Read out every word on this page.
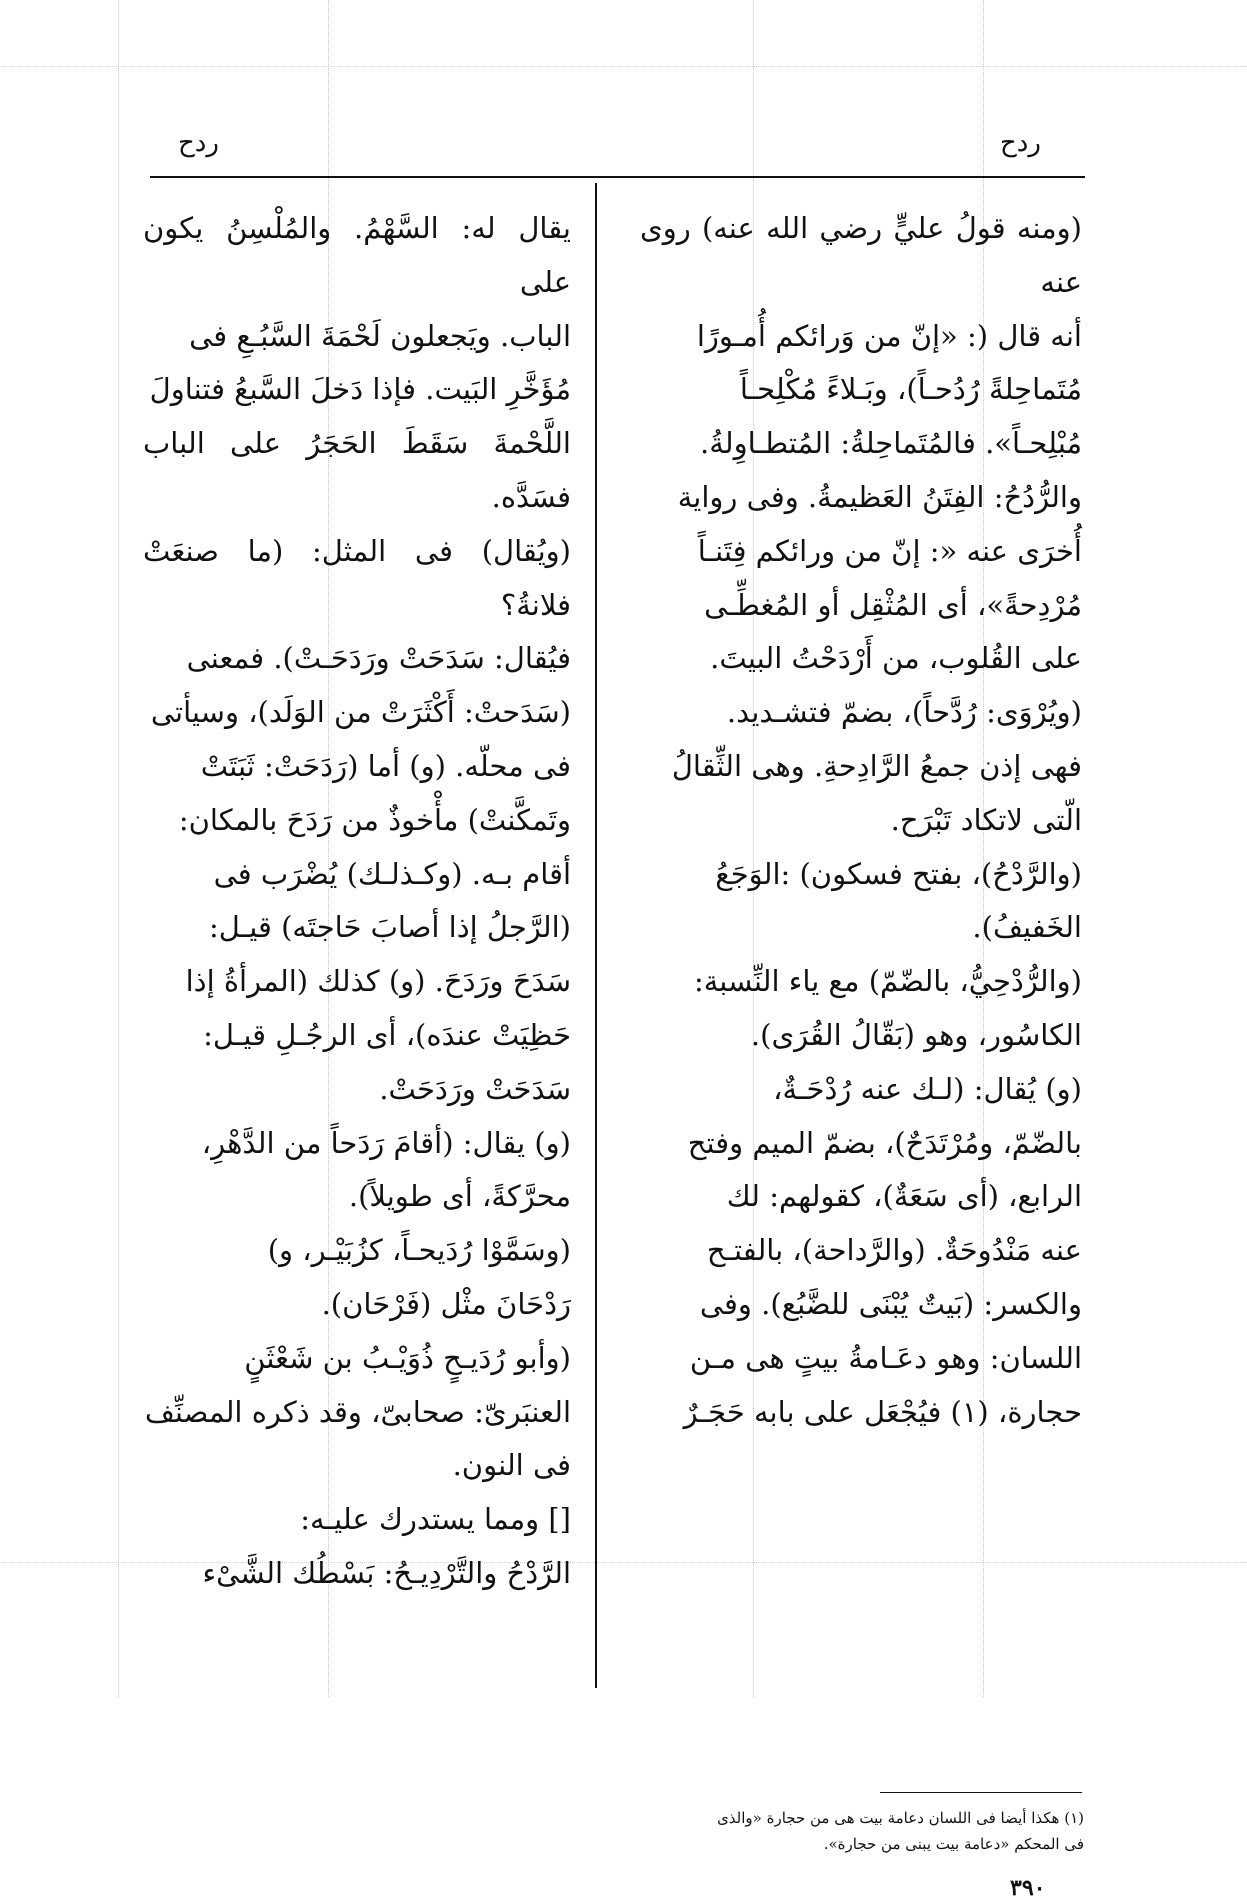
ردح
ردح

(ومنه قولُ عليٍّ رضي الله عنه) روى عنه

أنه قال (: «إنّ من وَرائكم أُمـورًا

مُتَماحِلةً رُدُحـاً)، وبَـلاءً مُكْلِحـاً

مُبْلِحـاً». فالمُتَماحِلةُ: المُتطـاوِلةُ.

والرُّدُحُ: الفِتَنُ العَظيمةُ. وفى رواية

أُخرَى عنه «: إنّ من ورائكم فِتَنـاً

مُرْدِحةً»، أى المُثْقِل أو المُغطِّـى

على القُلوب، من أَرْدَحْتُ البيتَ.

(ويُرْوَى: رُدَّحاً)، بضمّ فتشـديد.

فهى إذن جمعُ الرَّادِحةِ. وهى الثِّقالُ

الّتى لاتكاد تَبْرَح.

(والرَّدْحُ)، بفتح فسكون) :الوَجَعُ

الخَفيفُ).

(والرُّدْحِيُّ، بالضّمّ) مع ياء النِّسبة:

الكاسُور، وهو (بَقّالُ القُرَى).

(و) يُقال: (لـك عنه رُدْحَـةٌ،

بالضّمّ، ومُرْتَدَحٌ)، بضمّ الميم وفتح

الرابع، (أى سَعَةٌ)، كقولهم: لك

عنه مَنْدُوحَةٌ. (والرَّداحة)، بالفتـح

والكسر: (بَيتٌ يُبْنَى للضَّبُع). وفى

اللسان: وهو دعَـامةُ بيتٍ هى مـن

حجارة، (١) فيُجْعَل على بابه حَجَـرٌ

يقال له: السَّهْمُ. والمُلْسِنُ يكون على

الباب. ويَجعلون لَحْمَةَ السَّبُـعِ فى

مُؤَخَّرِ البَيت. فإذا دَخلَ السَّبعُ فتناولَ

اللَّحْمةَ سَقَطَ الحَجَرُ على الباب فسَدَّه.

(ويُقال) فى المثل: (ما صنعَتْ فلانةُ؟

فيُقال: سَدَحَتْ ورَدَحَـتْ). فمعنى

(سَدَحتْ: أَكْثَرَتْ من الوَلَد)، وسيأتى

فى محلّه. (و) أما (رَدَحَتْ: ثَبَتَتْ

وتَمكَّنتْ) مأْخوذٌ من رَدَحَ بالمكان:

أقام بـه. (وكـذلـك) يُضْرَب فى

(الرَّجلُ إذا أصابَ حَاجتَه) قيـل:

سَدَحَ ورَدَحَ. (و) كذلك (المرأةُ إذا

حَظِيَتْ عندَه)، أى الرجُـلِ قيـل:

سَدَحَتْ ورَدَحَتْ.

(و) يقال: (أقامَ رَدَحاً من الدَّهْرِ،

محرَّكةً، أى طويلاً).

(وسَمَّوْا رُدَيحـاً، كزُبَيْـر، و)

رَدْحَانَ مثْل (فَرْحَان).

(وأبو رُدَيـحٍ ذُوَيْـبُ بن شَعْثَنٍ

العنبَرىّ: صحابىّ، وقد ذكره المصنِّف

فى النون.

[] ومما يستدرك عليـه:

الرَّدْحُ والتَّرْدِيـحُ: بَسْطُك الشَّىْء

(١) هكذا أيضا فى اللسان دعامة بيت هى من حجارة «والذى

فى المحكم «دعامة بيت يبنى من حجارة».

٣٩٠
